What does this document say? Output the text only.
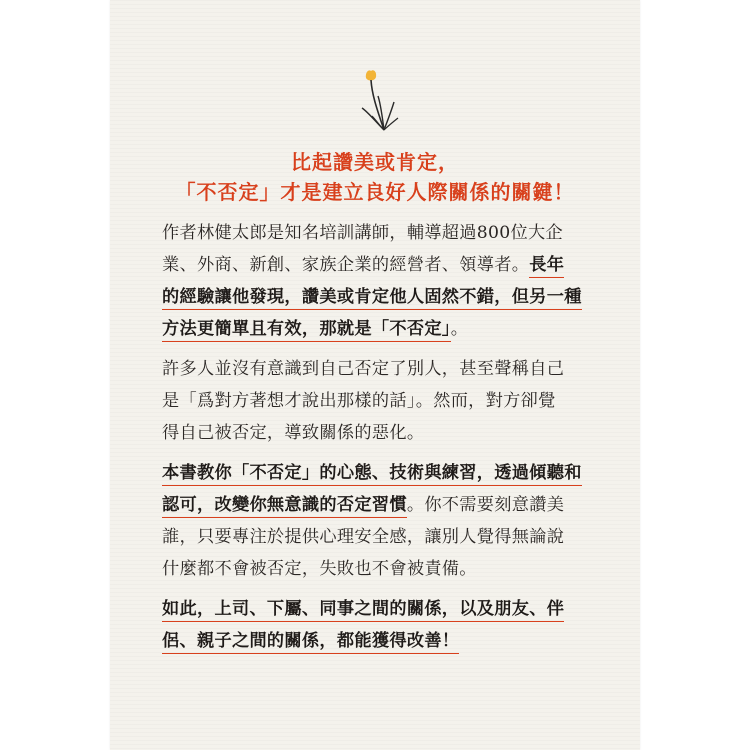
比起讚美或肯定，
「不否定」才是建立良好人際關係的關鍵！
作者林健太郎是知名培訓講師，輔導超過800位大企
業、外商、新創、家族企業的經營者、領導者。長年
的經驗讓他發現，讚美或肯定他人固然不錯，但另一種
方法更簡單且有效，那就是「不否定」。
許多人並沒有意識到自己否定了別人，甚至聲稱自己
是「爲對方著想才說出那樣的話」。然而，對方卻覺
得自己被否定，導致關係的惡化。
本書教你「不否定」的心態、技術與練習，透過傾聽和
認可，改變你無意識的否定習慣。你不需要刻意讚美
誰，只要專注於提供心理安全感，讓別人覺得無論說
什麼都不會被否定，失敗也不會被責備。
如此，上司、下屬、同事之間的關係，以及朋友、伴
侶、親子之間的關係，都能獲得改善！
